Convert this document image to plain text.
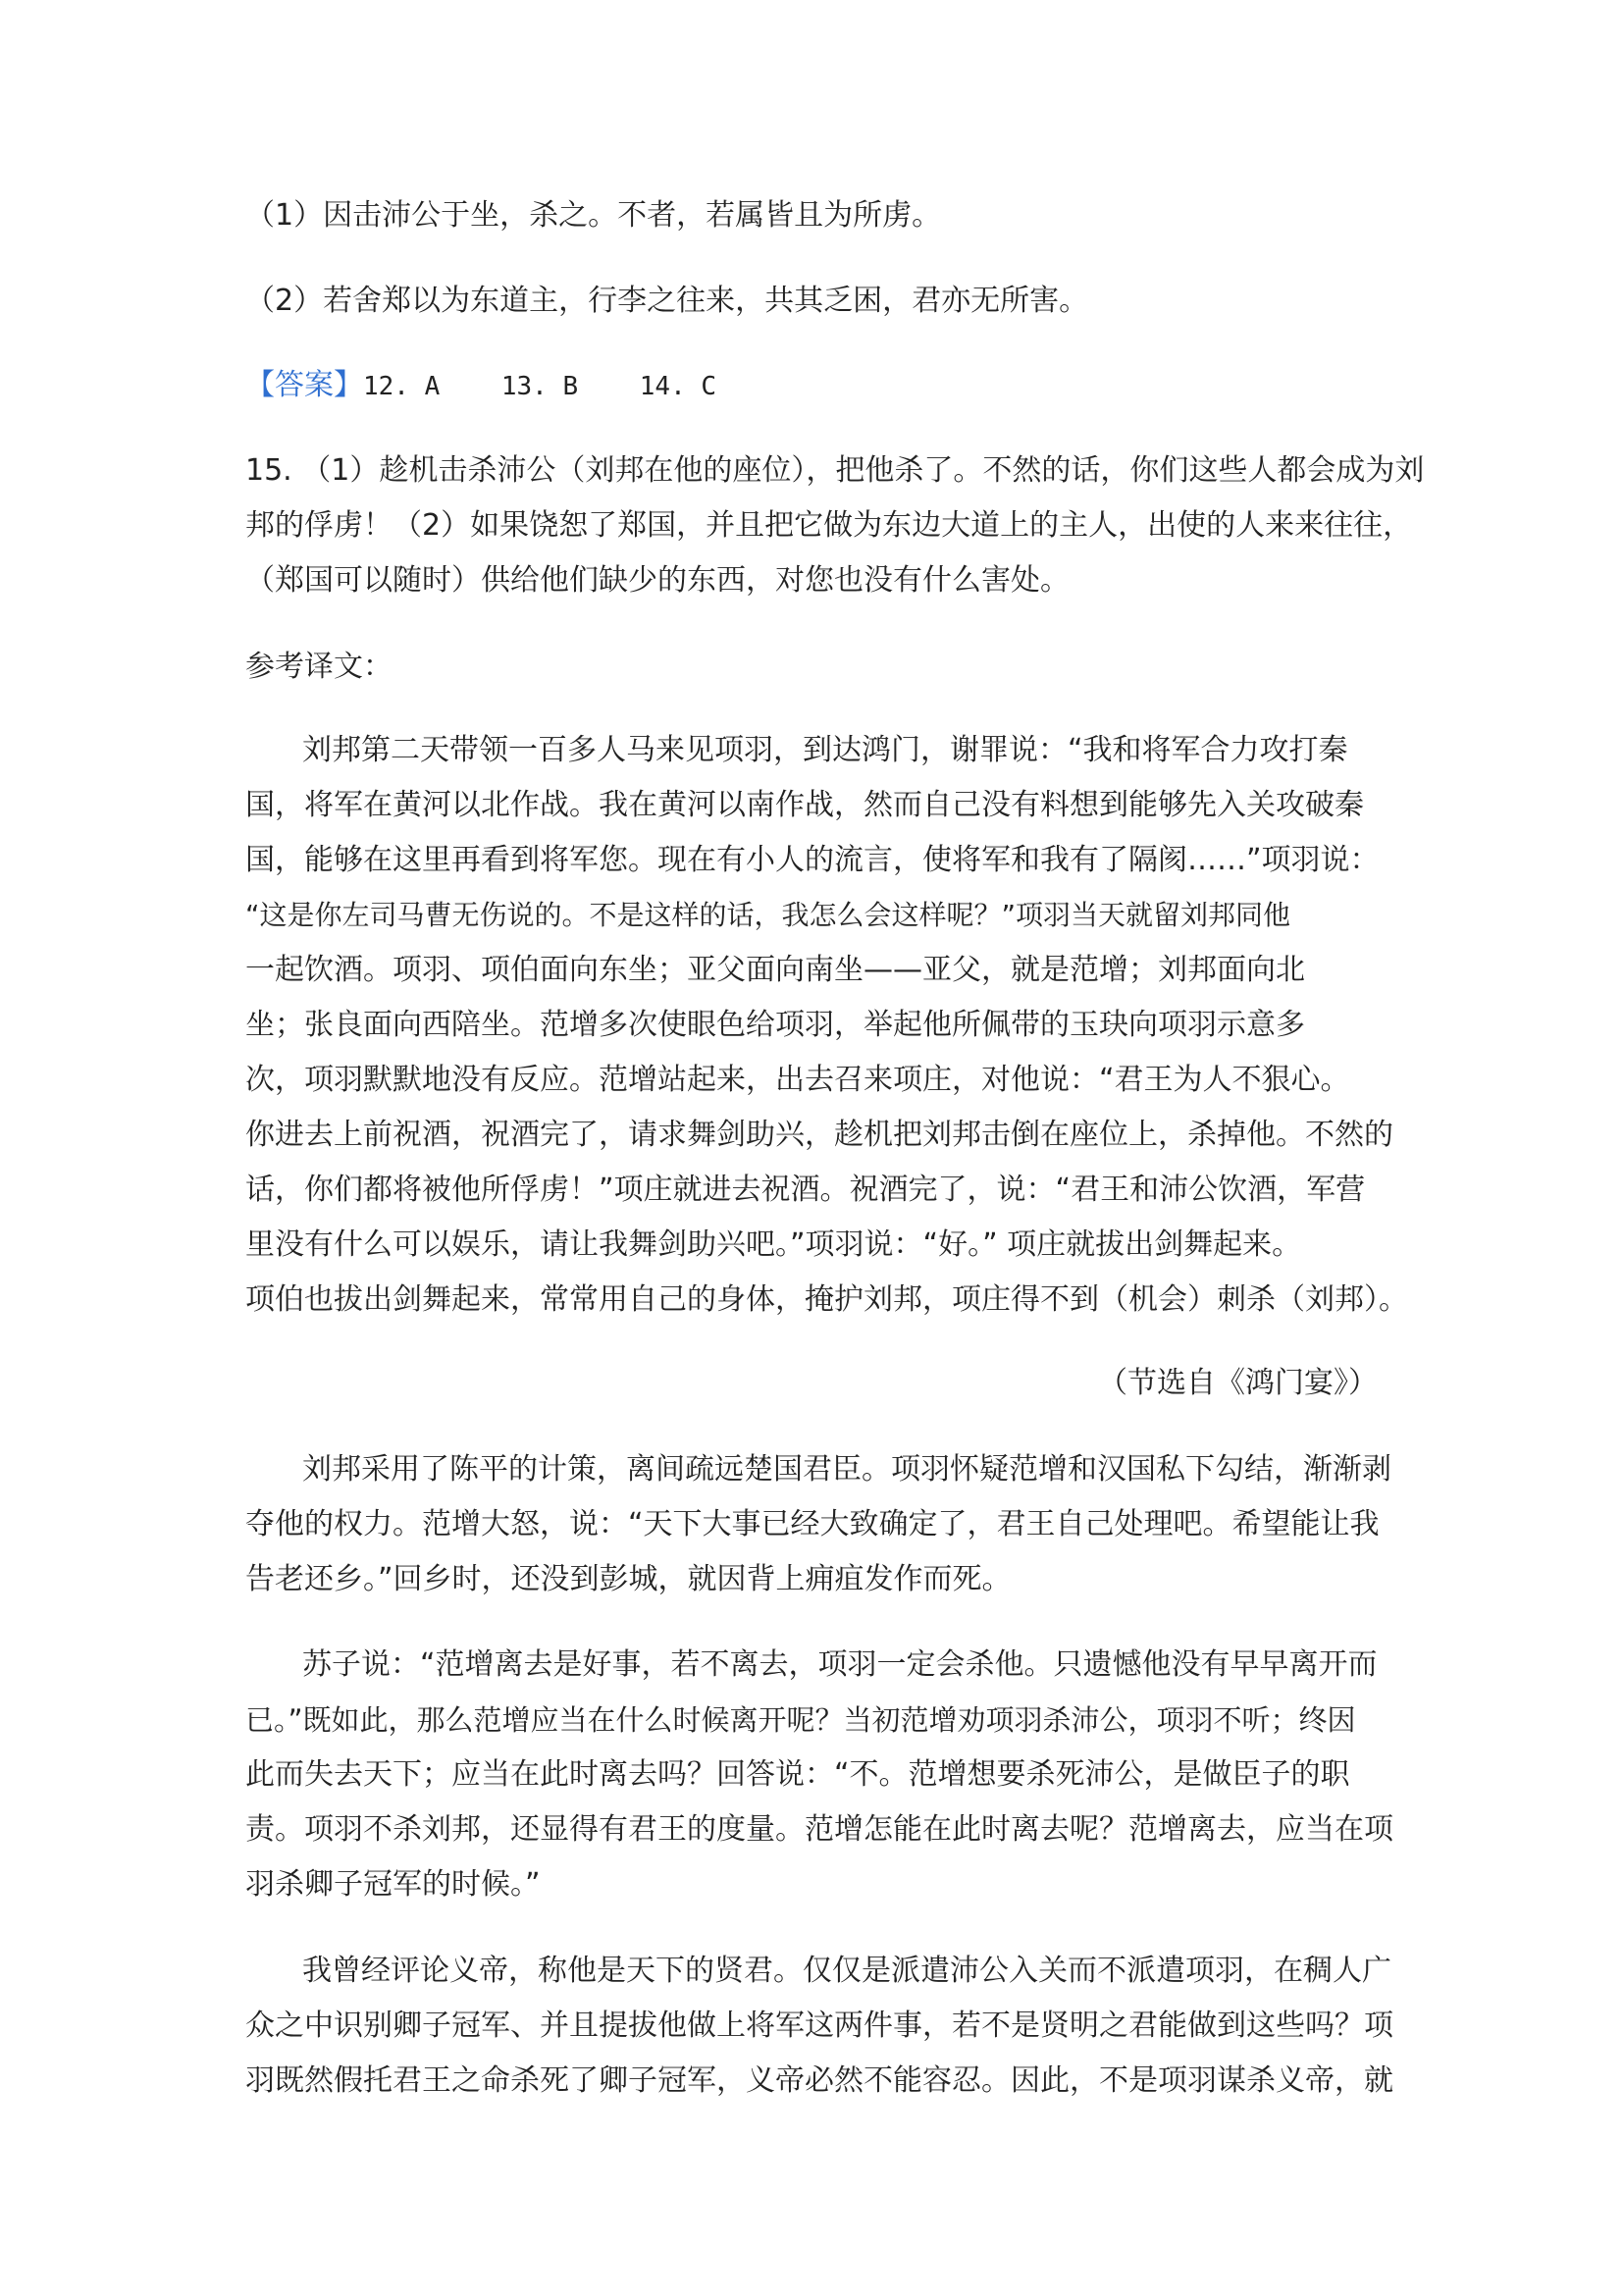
（1）因击沛公于坐，杀之。不者，若属皆且为所虏。
（2）若舍郑以为东道主，行李之往来，共其乏困，君亦无所害。
【答案】12. A    13. B    14. C
15. （1）趁机击杀沛公（刘邦在他的座位），把他杀了。不然的话，你们这些人都会成为刘
邦的俘虏！（2）如果饶恕了郑国，并且把它做为东边大道上的主人，出使的人来来往往，
（郑国可以随时）供给他们缺少的东西，对您也没有什么害处。
参考译文：
刘邦第二天带领一百多人马来见项羽，到达鸿门，谢罪说：“我和将军合力攻打秦
国，将军在黄河以北作战。我在黄河以南作战，然而自己没有料想到能够先入关攻破秦
国，能够在这里再看到将军您。现在有小人的流言，使将军和我有了隔阂……”项羽说：
“这是你左司马曹无伤说的。不是这样的话，我怎么会这样呢？”项羽当天就留刘邦同他
一起饮酒。项羽、项伯面向东坐；亚父面向南坐——亚父，就是范增；刘邦面向北
坐；张良面向西陪坐。范增多次使眼色给项羽，举起他所佩带的玉玦向项羽示意多
次，项羽默默地没有反应。范增站起来，出去召来项庄，对他说：“君王为人不狠心。
你进去上前祝酒，祝酒完了，请求舞剑助兴，趁机把刘邦击倒在座位上，杀掉他。不然的
话，你们都将被他所俘虏！”项庄就进去祝酒。祝酒完了，说：“君王和沛公饮酒，军营
里没有什么可以娱乐，请让我舞剑助兴吧。”项羽说：“好。” 项庄就拔出剑舞起来。
项伯也拔出剑舞起来，常常用自己的身体，掩护刘邦，项庄得不到（机会）刺杀（刘邦）。
（节选自《鸿门宴》）
刘邦采用了陈平的计策，离间疏远楚国君臣。项羽怀疑范增和汉国私下勾结，渐渐剥
夺他的权力。范增大怒，说：“天下大事已经大致确定了，君王自己处理吧。希望能让我
告老还乡。”回乡时，还没到彭城，就因背上痈疽发作而死。
苏子说：“范增离去是好事，若不离去，项羽一定会杀他。只遗憾他没有早早离开而
已。”既如此，那么范增应当在什么时候离开呢？当初范增劝项羽杀沛公，项羽不听；终因
此而失去天下；应当在此时离去吗？回答说：“不。范增想要杀死沛公，是做臣子的职
责。项羽不杀刘邦，还显得有君王的度量。范增怎能在此时离去呢？范增离去，应当在项
羽杀卿子冠军的时候。”
我曾经评论义帝，称他是天下的贤君。仅仅是派遣沛公入关而不派遣项羽，在稠人广
众之中识别卿子冠军、并且提拔他做上将军这两件事，若不是贤明之君能做到这些吗？项
羽既然假托君王之命杀死了卿子冠军，义帝必然不能容忍。因此，不是项羽谋杀义帝，就
